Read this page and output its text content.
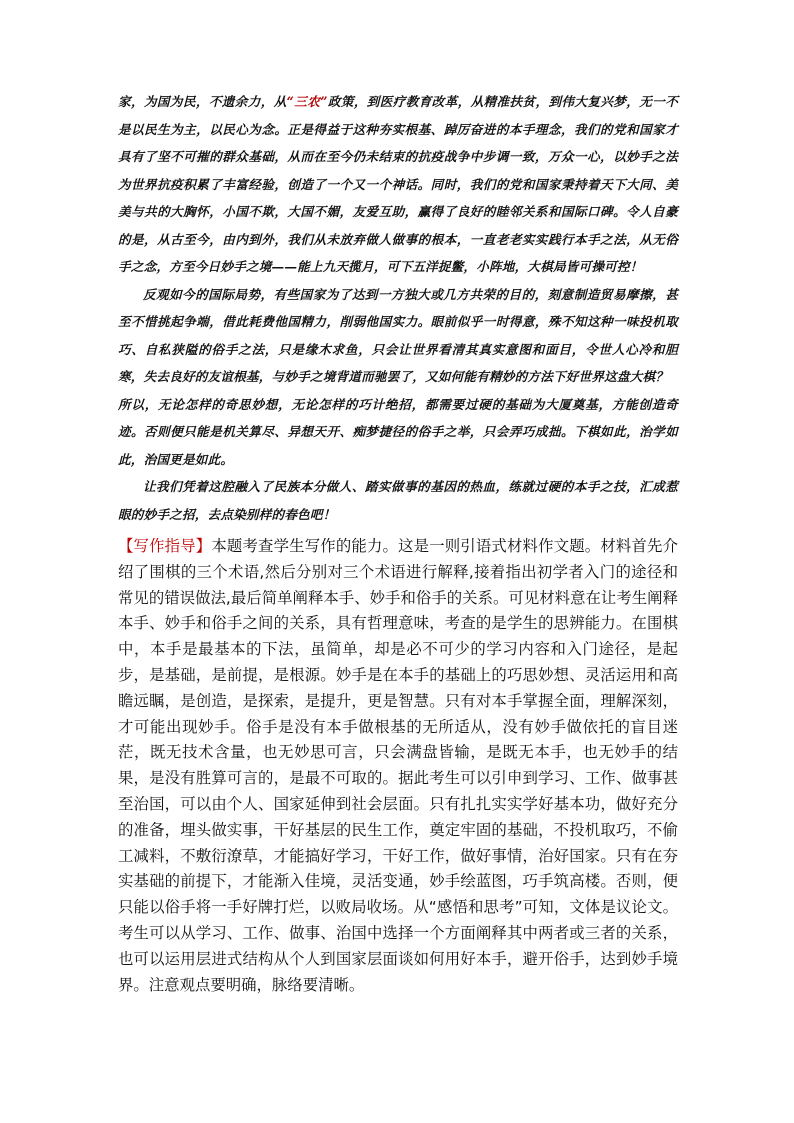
家，为国为民，不遗余力，从“三农”政策，到医疗教育改革，从精准扶贫，到伟大复兴梦，无一不是以民生为主，以民心为念。正是得益于这种夯实根基、踔厉奋进的本手理念，我们的党和国家才具有了坚不可摧的群众基础，从而在至今仍未结束的抗疫战争中步调一致，万众一心，以妙手之法为世界抗疫积累了丰富经验，创造了一个又一个神话。同时，我们的党和国家秉持着天下大同、美美与共的大胸怀，小国不欺，大国不媚，友爱互助，赢得了良好的睦邻关系和国际口碑。令人自豪的是，从古至今，由内到外，我们从未放弃做人做事的根本，一直老老实实践行本手之法，从无俗手之念，方至今日妙手之境——能上九天揽月，可下五洋捉鳖，小阵地，大棋局皆可操可控！

反观如今的国际局势，有些国家为了达到一方独大或几方共荣的目的，刻意制造贸易摩擦，甚至不惜挑起争端，借此耗费他国精力，削弱他国实力。眼前似乎一时得意，殊不知这种一味投机取巧、自私狭隘的俗手之法，只是缘木求鱼，只会让世界看清其真实意图和面目，令世人心冷和胆寒，失去良好的友谊根基，与妙手之境背道而驰罢了，又如何能有精妙的方法下好世界这盘大棋？

所以，无论怎样的奇思妙想，无论怎样的巧计绝招，都需要过硬的基础为大厦奠基，方能创造奇迹。否则便只能是机关算尽、异想天开、痴梦捷径的俗手之举，只会弄巧成拙。下棋如此，治学如此，治国更是如此。

让我们凭着这腔融入了民族本分做人、踏实做事的基因的热血，练就过硬的本手之技，汇成惹眼的妙手之招，去点染别样的春色吧！

【写作指导】本题考查学生写作的能力。这是一则引语式材料作文题。材料首先介绍了围棋的三个术语,然后分别对三个术语进行解释,接着指出初学者入门的途径和常见的错误做法,最后简单阐释本手、妙手和俗手的关系。可见材料意在让考生阐释本手、妙手和俗手之间的关系，具有哲理意味，考查的是学生的思辨能力。在围棋中，本手是最基本的下法，虽简单，却是必不可少的学习内容和入门途径，是起步，是基础，是前提，是根源。妙手是在本手的基础上的巧思妙想、灵活运用和高瞻远瞩，是创造，是探索，是提升，更是智慧。只有对本手掌握全面，理解深刻，才可能出现妙手。俗手是没有本手做根基的无所适从，没有妙手做依托的盲目迷茫，既无技术含量，也无妙思可言，只会满盘皆输，是既无本手，也无妙手的结果，是没有胜算可言的，是最不可取的。据此考生可以引申到学习、工作、做事甚至治国，可以由个人、国家延伸到社会层面。只有扎扎实实学好基本功，做好充分的准备，埋头做实事，干好基层的民生工作，奠定牢固的基础，不投机取巧，不偷工减料，不敷衍潦草，才能搞好学习，干好工作，做好事情，治好国家。只有在夯实基础的前提下，才能渐入佳境，灵活变通，妙手绘蓝图，巧手筑高楼。否则，便只能以俗手将一手好牌打烂，以败局收场。从“感悟和思考”可知，文体是议论文。考生可以从学习、工作、做事、治国中选择一个方面阐释其中两者或三者的关系，也可以运用层进式结构从个人到国家层面谈如何用好本手，避开俗手，达到妙手境界。注意观点要明确，脉络要清晰。
